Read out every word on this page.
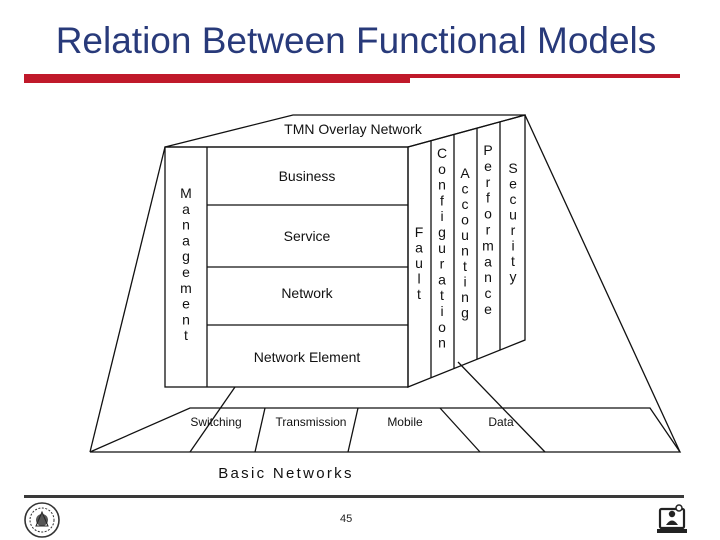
Relation Between Functional Models
TMN Overlay Network
Business
Service
Network
Network Element
M a n a g e m e n t
F a u l t
C o n f i g u r a t i o n
A c c o u n t i n g
P e r f o r m a n c e
S e c u r i t y
Switching	Transmission	Mobile	Data
Basic Networks
45
